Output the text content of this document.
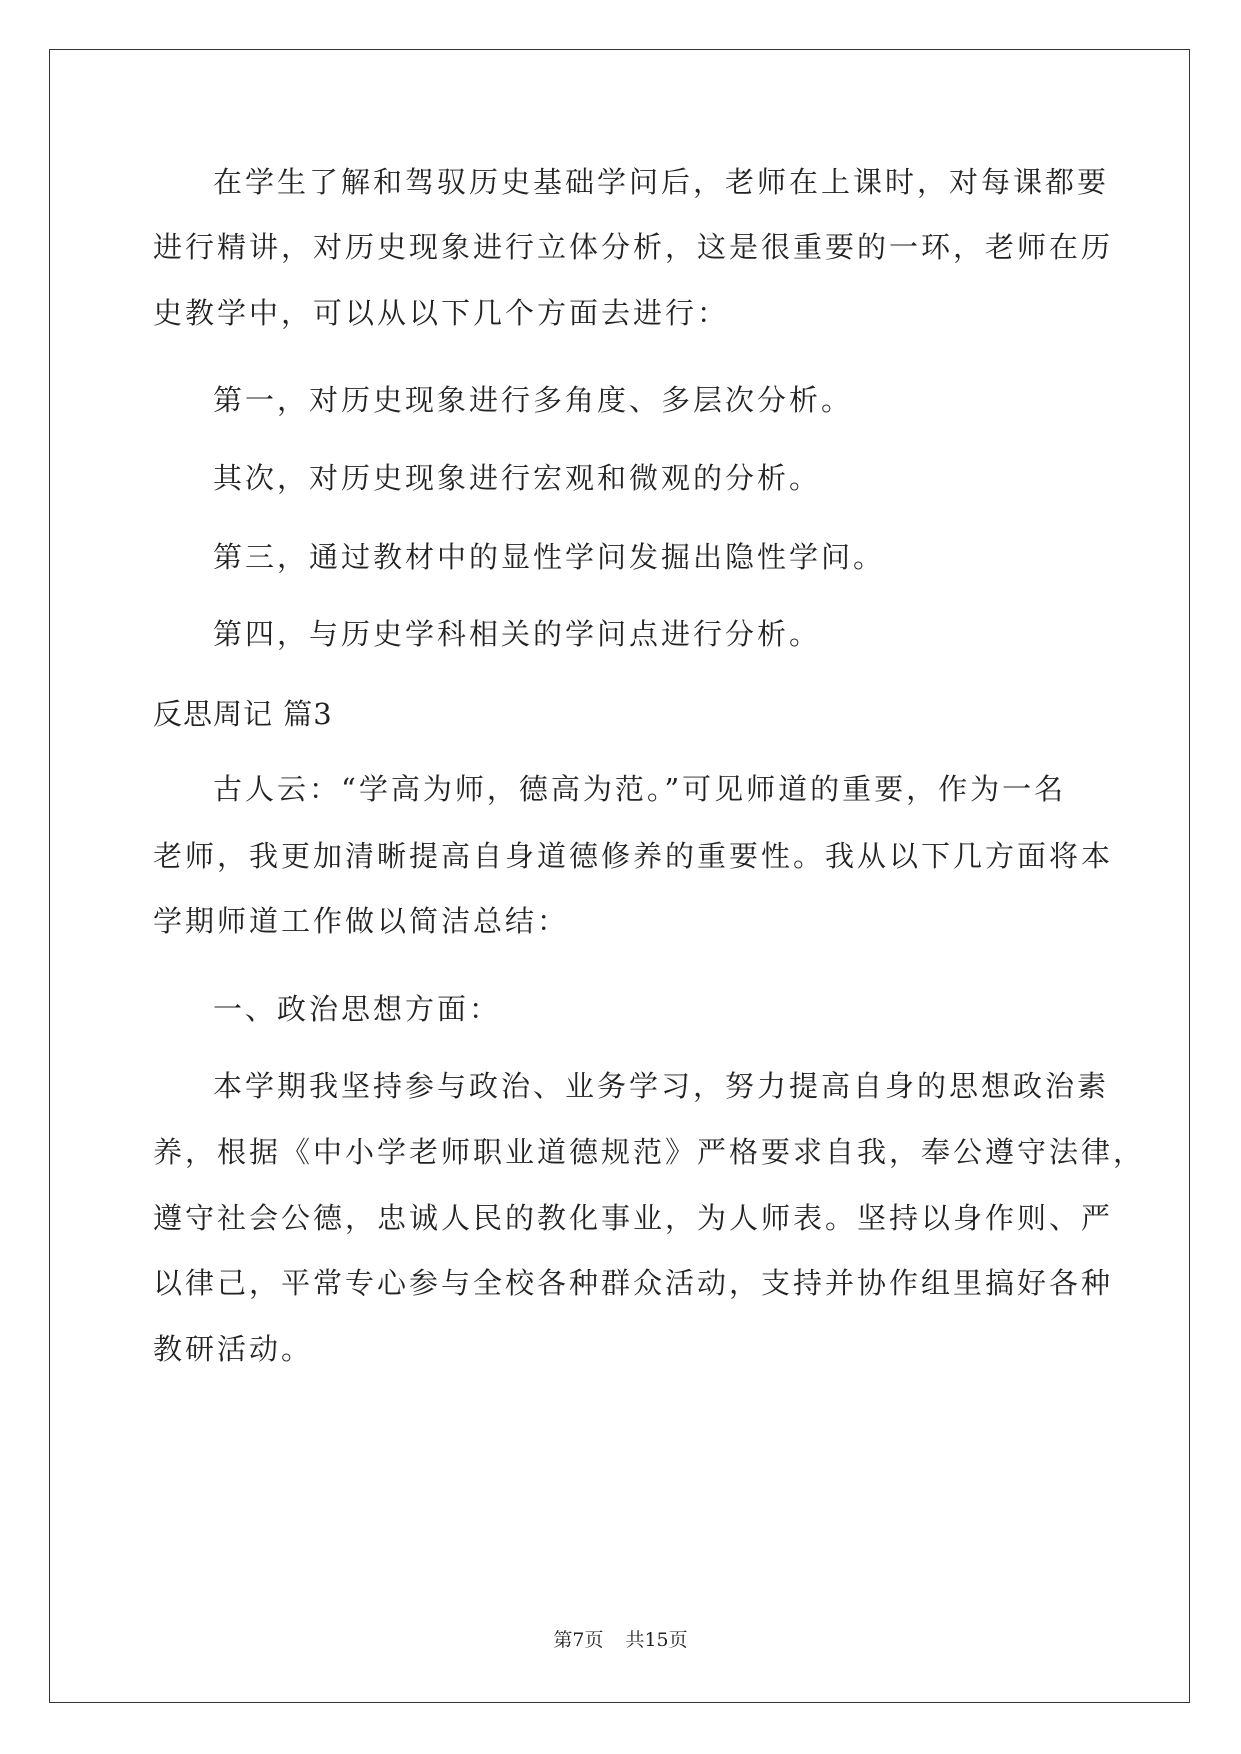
在学生了解和驾驭历史基础学问后，老师在上课时，对每课都要
进行精讲，对历史现象进行立体分析，这是很重要的一环，老师在历
史教学中，可以从以下几个方面去进行：
第一，对历史现象进行多角度、多层次分析。
其次，对历史现象进行宏观和微观的分析。
第三，通过教材中的显性学问发掘出隐性学问。
第四，与历史学科相关的学问点进行分析。
反思周记 篇3
古人云：“学高为师，德高为范。”可见师道的重要，作为一名
老师，我更加清晰提高自身道德修养的重要性。我从以下几方面将本
学期师道工作做以简洁总结：
一、政治思想方面：
本学期我坚持参与政治、业务学习，努力提高自身的思想政治素
养，根据《中小学老师职业道德规范》严格要求自我，奉公遵守法律，
遵守社会公德，忠诚人民的教化事业，为人师表。坚持以身作则、严
以律己，平常专心参与全校各种群众活动，支持并协作组里搞好各种
教研活动。
第7页 共15页
